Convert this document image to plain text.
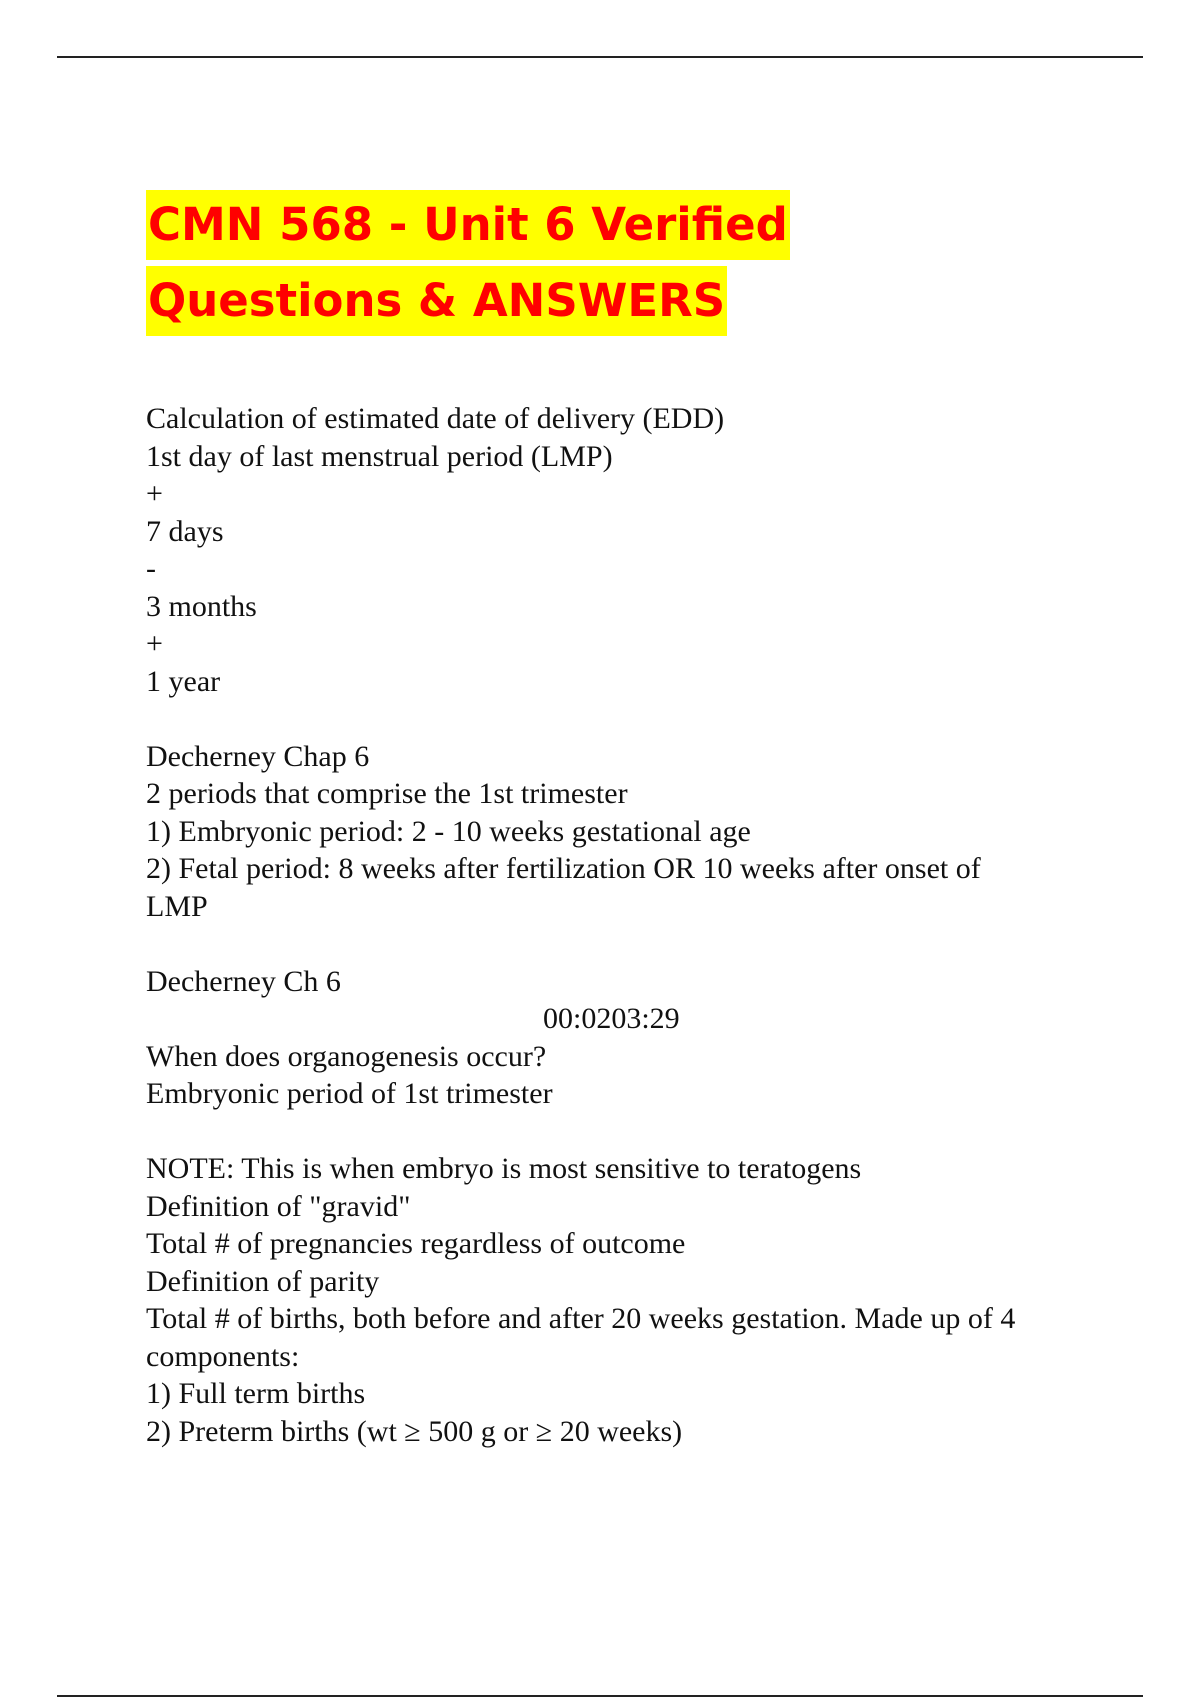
CMN 568 - Unit 6 Verified
Questions & ANSWERS
Calculation of estimated date of delivery (EDD)
1st day of last menstrual period (LMP)
+
7 days
-
3 months
+
1 year
Decherney Chap 6
2 periods that comprise the 1st trimester
1) Embryonic period: 2 - 10 weeks gestational age
2) Fetal period: 8 weeks after fertilization OR 10 weeks after onset of
LMP
Decherney Ch 6
00:0203:29
When does organogenesis occur?
Embryonic period of 1st trimester
NOTE: This is when embryo is most sensitive to teratogens
Definition of "gravid"
Total # of pregnancies regardless of outcome
Definition of parity
Total # of births, both before and after 20 weeks gestation. Made up of 4
components:
1) Full term births
2) Preterm births (wt ≥ 500 g or ≥ 20 weeks)
